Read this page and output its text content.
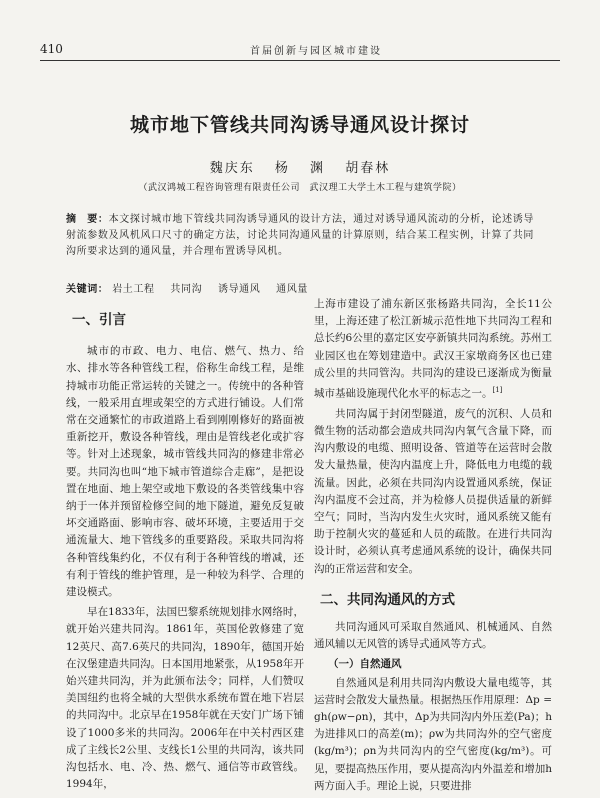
410	首届创新与园区城市建设
城市地下管线共同沟诱导通风设计探讨
魏庆东 杨 渊 胡春林
（武汉鸿城工程咨询管理有限责任公司　武汉理工大学土木工程与建筑学院）
摘　要：本文探讨城市地下管线共同沟诱导通风的设计方法，通过对诱导通风流动的分析，论述诱导射流参数及风机风口尺寸的确定方法，讨论共同沟通风量的计算原则，结合某工程实例，计算了共同沟所要求达到的通风量，并合理布置诱导风机。
关键词： 岩土工程 共同沟 诱导通风 通风量
一、引言

城市的市政、电力、电信、燃气、热力、给水、排水等各种管线工程，俗称生命线工程，是维持城市功能正常运转的关键之一。传统中的各种管线，一般采用直埋或架空的方式进行铺设。人们常常在交通繁忙的市政道路上看到刚刚修好的路面被重新挖开，敷设各种管线，理由是管线老化或扩容等。针对上述现象，城市管线共同沟的修建非常必要。共同沟也叫“地下城市管道综合走廊”，是把设置在地面、地上架空或地下敷设的各类管线集中容纳于一体并预留检修空间的地下隧道，避免反复破坏交通路面、影响市容、破坏环境，主要适用于交通流量大、地下管线多的重要路段。采取共同沟将各种管线集约化，不仅有利于各种管线的增减，还有利于管线的维护管理，是一种较为科学、合理的建设模式。

早在1833年，法国巴黎系统规划排水网络时，就开始兴建共同沟。1861年，英国伦敦修建了宽12英尺、高7.6英尺的共同沟，1890年，德国开始在汉堡建造共同沟。日本国用地紧张，从1958年开始兴建共同沟，并为此颁布法令；同样，人们赞叹美国纽约也将全城的大型供水系统布置在地下岩层的共同沟中。北京早在1958年就在天安门广场下铺设了1000多米的共同沟。2006年在中关村西区建成了主线长2公里、支线长1公里的共同沟，该共同沟包括水、电、冷、热、燃气、通信等市政管线。1994年，

上海市建设了浦东新区张杨路共同沟，全长11公里，上海还建了松江新城示范性地下共同沟工程和总长约6公里的嘉定区安亭新镇共同沟系统。苏州工业园区也在筹划建造中。武汉王家墩商务区也已建成公里的共同管沟。共同沟的建设已逐渐成为衡量城市基础设施现代化水平的标志之一。[1]

共同沟属于封闭型隧道，废气的沉积、人员和微生物的活动都会造成共同沟内氧气含量下降，而沟内敷设的电缆、照明设备、管道等在运营时会散发大量热量，使沟内温度上升，降低电力电缆的载流量。因此，必须在共同沟内设置通风系统，保证沟内温度不会过高，并为检修人员提供适量的新鲜空气；同时，当沟内发生火灾时，通风系统又能有助于控制火灾的蔓延和人员的疏散。在进行共同沟设计时，必须认真考虑通风系统的设计，确保共同沟的正常运营和安全。

二、共同沟通风的方式

共同沟通风可采取自然通风、机械通风、自然通风辅以无风管的诱导式通风等方式。

（一）自然通风

自然通风是利用共同沟内敷设大量电缆等，其运营时会散发大量热量。根据热压作用原理：Δp = gh(ρw−ρn)，其中，Δp为共同沟内外压差(Pa)；h为进排风口的高差(m)；ρw为共同沟外的空气密度(kg/m³)；ρn为共同沟内的空气密度(kg/m³)。可见，要提高热压作用，要从提高沟内外温差和增加h两方面入手。理论上说，只要进排
